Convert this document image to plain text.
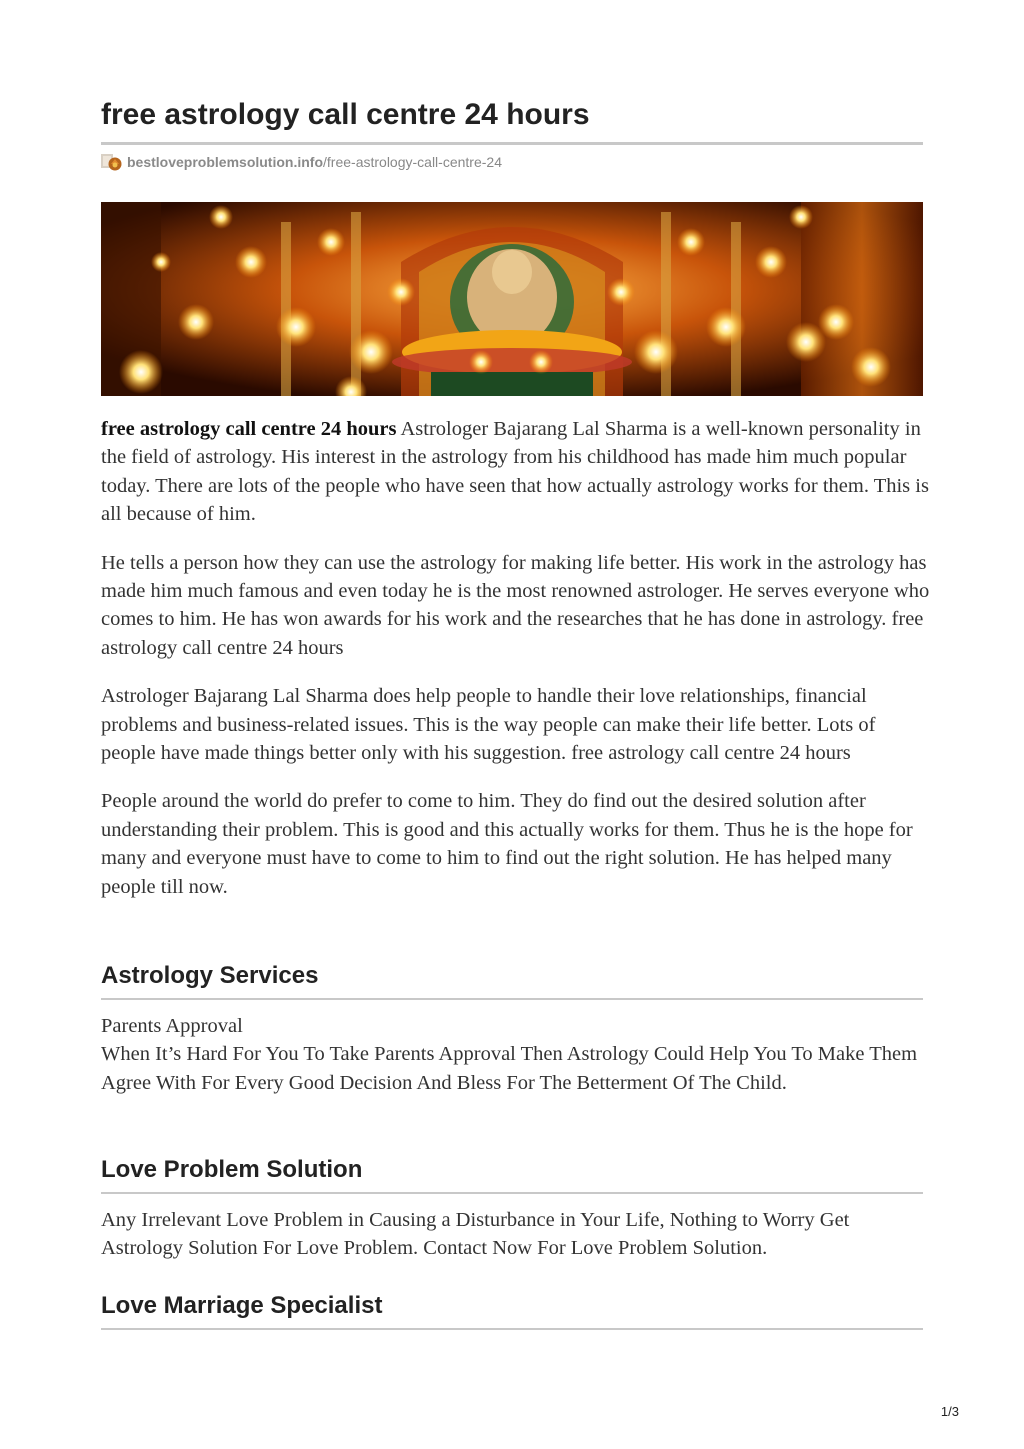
free astrology call centre 24 hours
bestloveproblemsolution.info /free-astrology-call-centre-24

free astrology call centre 24 hours Astrologer Bajarang Lal Sharma is a well-known personality in the field of astrology. His interest in the astrology from his childhood has made him much popular today. There are lots of the people who have seen that how actually astrology works for them. This is all because of him.

He tells a person how they can use the astrology for making life better. His work in the astrology has made him much famous and even today he is the most renowned astrologer. He serves everyone who comes to him. He has won awards for his work and the researches that he has done in astrology. free astrology call centre 24 hours

Astrologer Bajarang Lal Sharma does help people to handle their love relationships, financial problems and business-related issues. This is the way people can make their life better. Lots of people have made things better only with his suggestion. free astrology call centre 24 hours

People around the world do prefer to come to him. They do find out the desired solution after understanding their problem. This is good and this actually works for them. Thus he is the hope for many and everyone must have to come to him to find out the right solution. He has helped many people till now.

Astrology Services
Parents Approval
When It’s Hard For You To Take Parents Approval Then Astrology Could Help You To Make Them Agree With For Every Good Decision And Bless For The Betterment Of The Child.
Love Problem Solution
Any Irrelevant Love Problem in Causing a Disturbance in Your Life, Nothing to Worry Get Astrology Solution For Love Problem. Contact Now For Love Problem Solution.
Love Marriage Specialist
1/3
